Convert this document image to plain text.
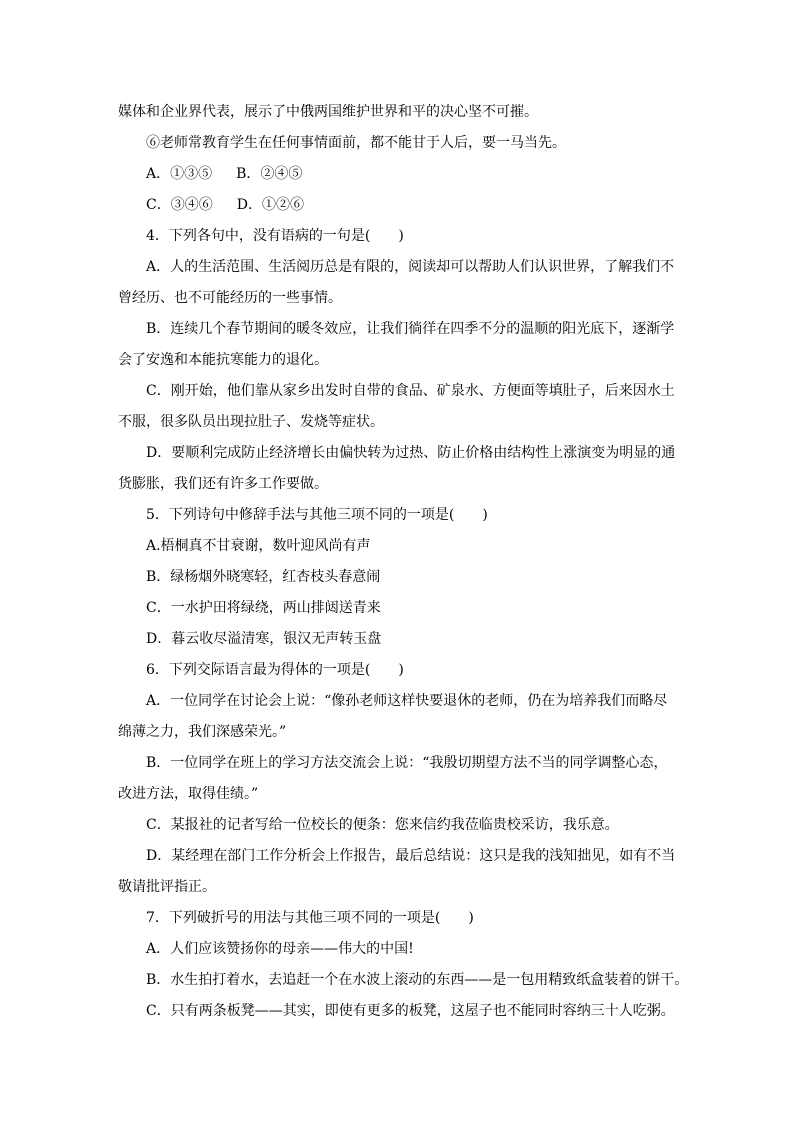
媒体和企业界代表，展示了中俄两国维护世界和平的决心坚不可摧。
⑥老师常教育学生在任何事情面前，都不能甘于人后，要一马当先。
A．①③⑤ B．②④⑤
C．③④⑥ D．①②⑥
4．下列各句中，没有语病的一句是(　　)
A．人的生活范围、生活阅历总是有限的，阅读却可以帮助人们认识世界，了解我们不
曾经历、也不可能经历的一些事情。
B．连续几个春节期间的暖冬效应，让我们徜徉在四季不分的温顺的阳光底下，逐渐学
会了安逸和本能抗寒能力的退化。
C．刚开始，他们靠从家乡出发时自带的食品、矿泉水、方便面等填肚子，后来因水土
不服，很多队员出现拉肚子、发烧等症状。
D．要顺利完成防止经济增长由偏快转为过热、防止价格由结构性上涨演变为明显的通
货膨胀，我们还有许多工作要做。
5．下列诗句中修辞手法与其他三项不同的一项是(　　)
A.梧桐真不甘衰谢，数叶迎风尚有声
B．绿杨烟外晓寒轻，红杏枝头春意闹
C．一水护田将绿绕，两山排闼送青来
D．暮云收尽溢清寒，银汉无声转玉盘
6．下列交际语言最为得体的一项是(　　)
A．一位同学在讨论会上说：“像孙老师这样快要退休的老师，仍在为培养我们而略尽
绵薄之力，我们深感荣光。”
B．一位同学在班上的学习方法交流会上说：“我殷切期望方法不当的同学调整心态，
改进方法，取得佳绩。”
C．某报社的记者写给一位校长的便条：您来信约我莅临贵校采访，我乐意。
D．某经理在部门工作分析会上作报告，最后总结说：这只是我的浅知拙见，如有不当
敬请批评指正。
7．下列破折号的用法与其他三项不同的一项是(　　)
A．人们应该赞扬你的母亲——伟大的中国!
B．水生拍打着水，去追赶一个在水波上滚动的东西——是一包用精致纸盒装着的饼干。
C．只有两条板凳——其实，即使有更多的板凳，这屋子也不能同时容纳三十人吃粥。
